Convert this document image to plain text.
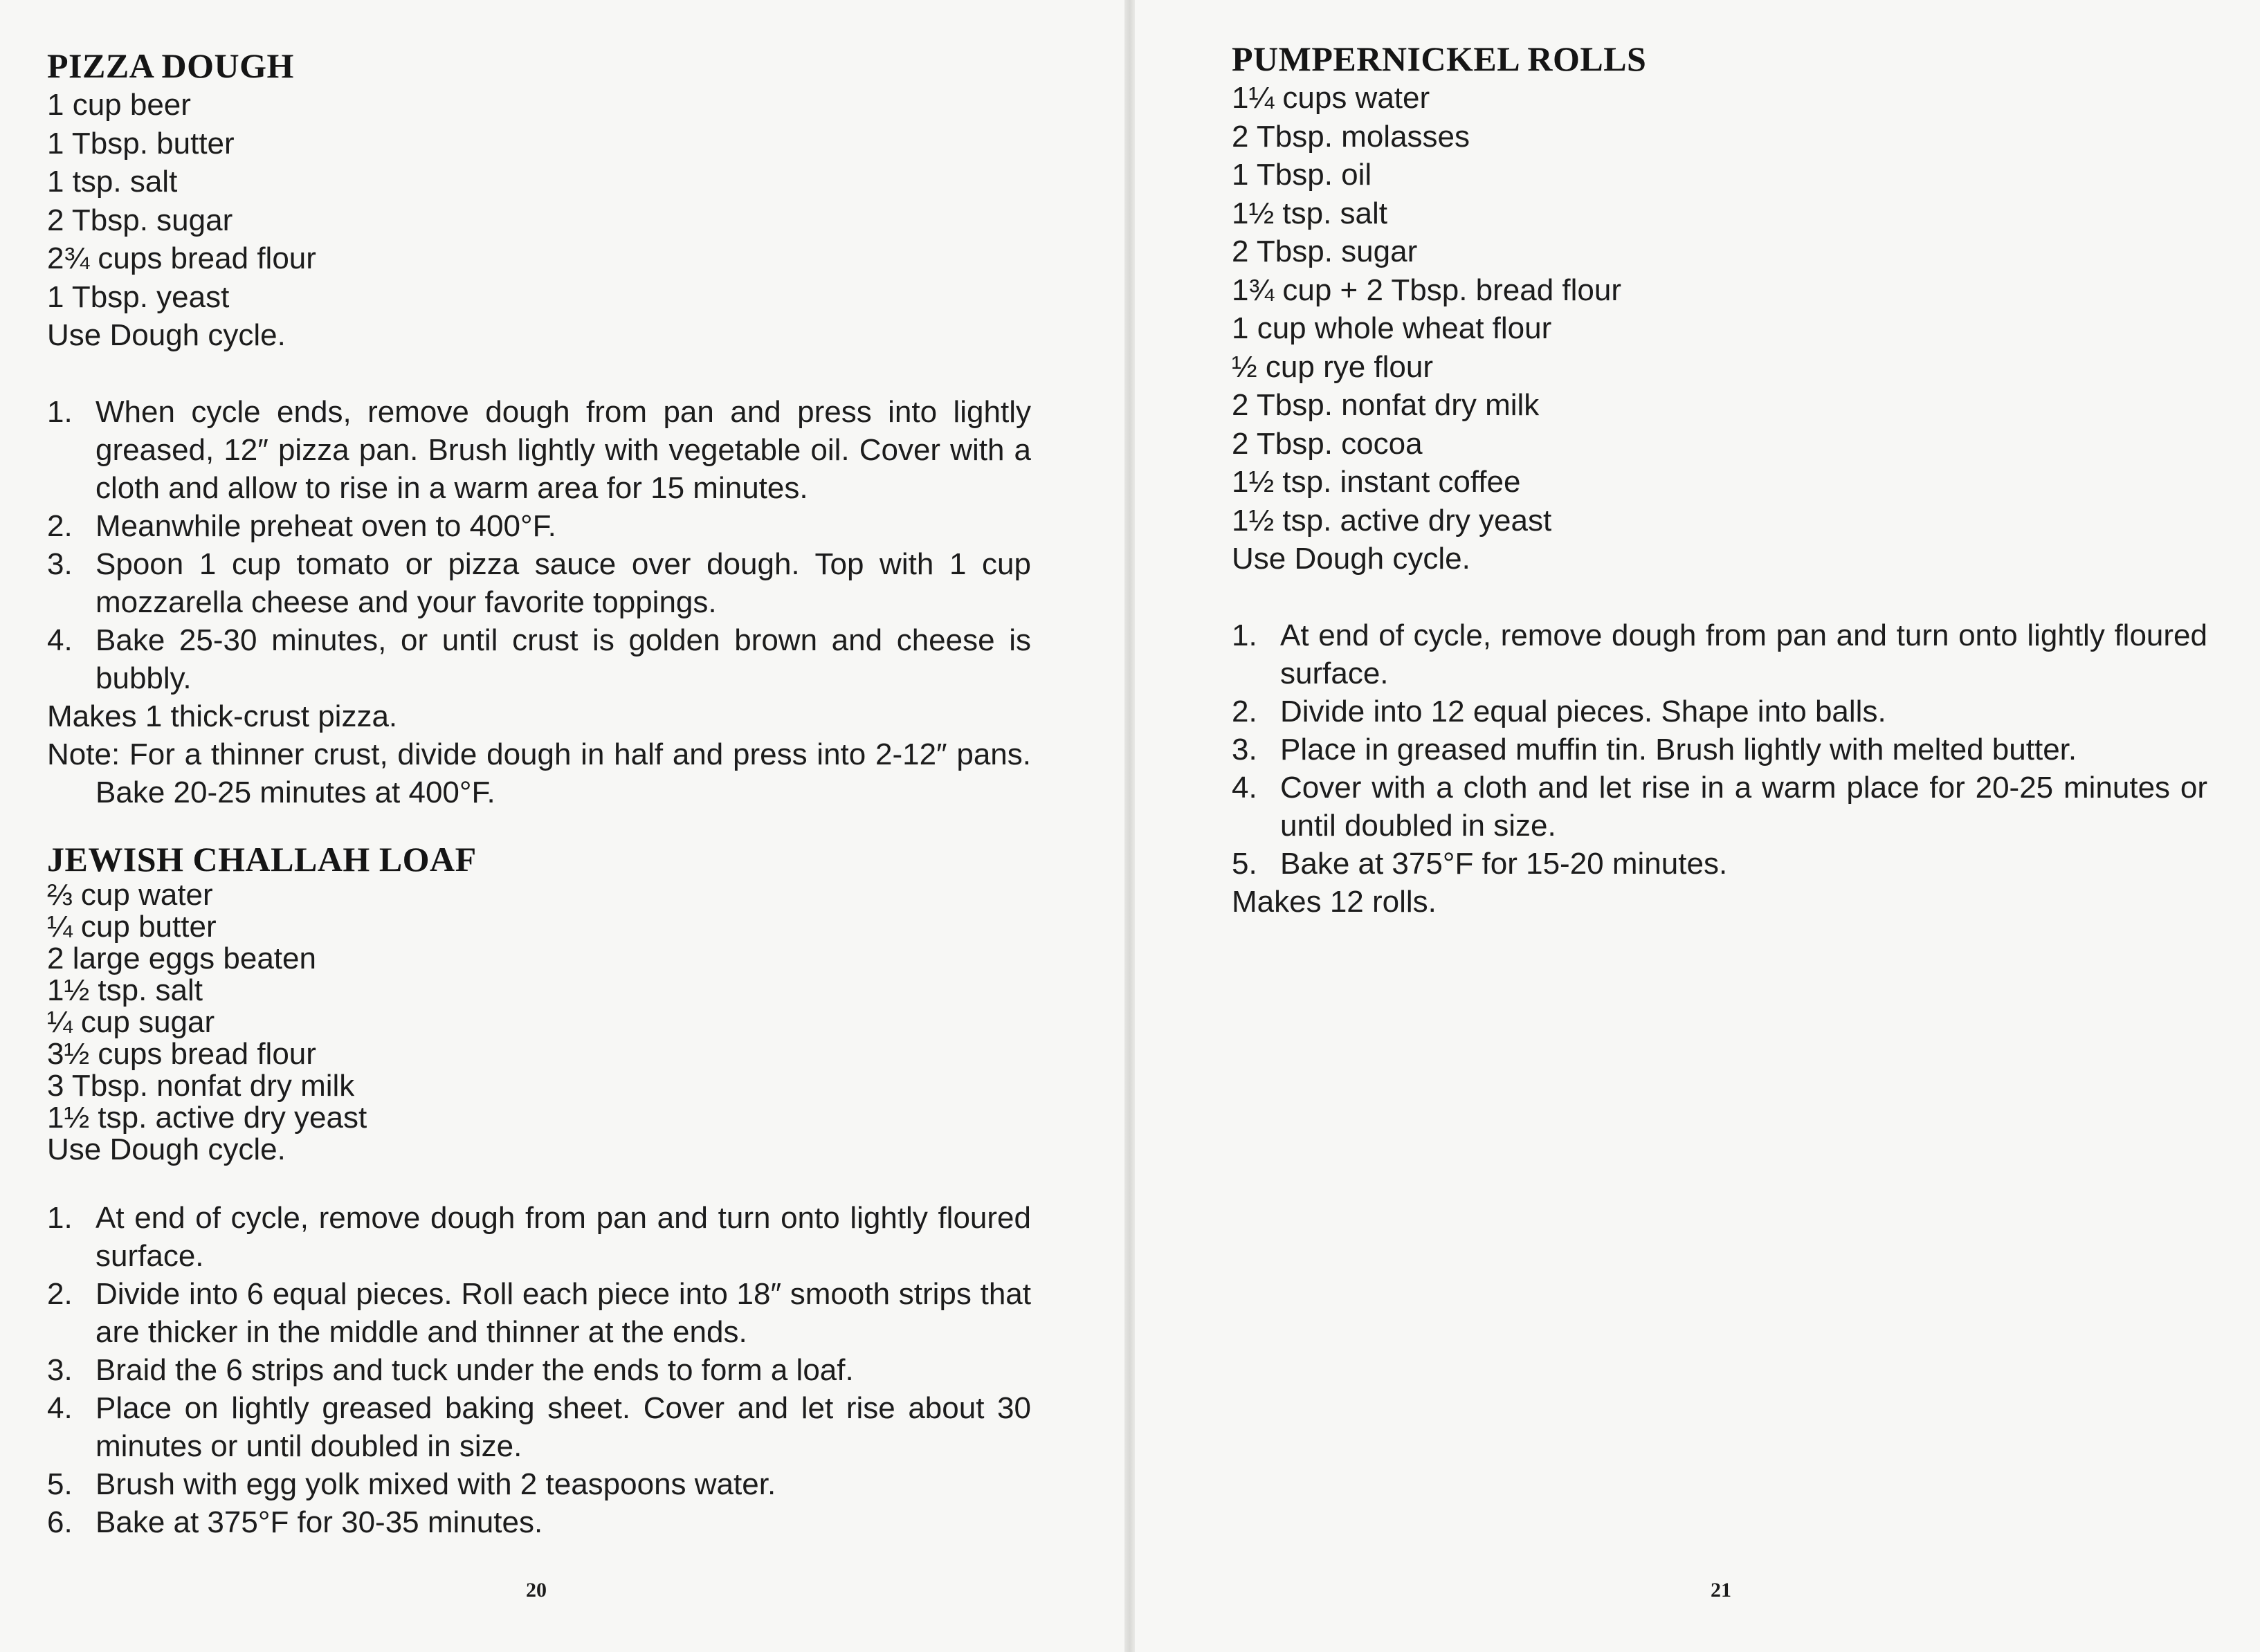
PIZZA DOUGH
1 cup beer
1 Tbsp. butter
1 tsp. salt
2 Tbsp. sugar
2¾ cups bread flour
1 Tbsp. yeast

Use Dough cycle.

1. When cycle ends, remove dough from pan and press into lightly greased, 12″ pizza pan. Brush lightly with vegetable oil. Cover with a cloth and allow to rise in a warm area for 15 minutes.
2. Meanwhile preheat oven to 400°F.
3. Spoon 1 cup tomato or pizza sauce over dough. Top with 1 cup mozzarella cheese and your favorite toppings.
4. Bake 25-30 minutes, or until crust is golden brown and cheese is bubbly.

Makes 1 thick-crust pizza.

Note: For a thinner crust, divide dough in half and press into 2-12″ pans. Bake 20-25 minutes at 400°F.

JEWISH CHALLAH LOAF
⅔ cup water
¼ cup butter
2 large eggs beaten
1½ tsp. salt
¼ cup sugar
3½ cups bread flour
3 Tbsp. nonfat dry milk
1½ tsp. active dry yeast

Use Dough cycle.

1. At end of cycle, remove dough from pan and turn onto lightly floured surface.
2. Divide into 6 equal pieces. Roll each piece into 18″ smooth strips that are thicker in the middle and thinner at the ends.
3. Braid the 6 strips and tuck under the ends to form a loaf.
4. Place on lightly greased baking sheet. Cover and let rise about 30 minutes or until doubled in size.
5. Brush with egg yolk mixed with 2 teaspoons water.
6. Bake at 375°F for 30-35 minutes.
20
PUMPERNICKEL ROLLS
1¼ cups water
2 Tbsp. molasses
1 Tbsp. oil
1½ tsp. salt
2 Tbsp. sugar
1¾ cup + 2 Tbsp. bread flour
1 cup whole wheat flour
½ cup rye flour
2 Tbsp. nonfat dry milk
2 Tbsp. cocoa
1½ tsp. instant coffee
1½ tsp. active dry yeast

Use Dough cycle.

1. At end of cycle, remove dough from pan and turn onto lightly floured surface.
2. Divide into 12 equal pieces. Shape into balls.
3. Place in greased muffin tin. Brush lightly with melted butter.
4. Cover with a cloth and let rise in a warm place for 20-25 minutes or until doubled in size.
5. Bake at 375°F for 15-20 minutes.

Makes 12 rolls.

21
